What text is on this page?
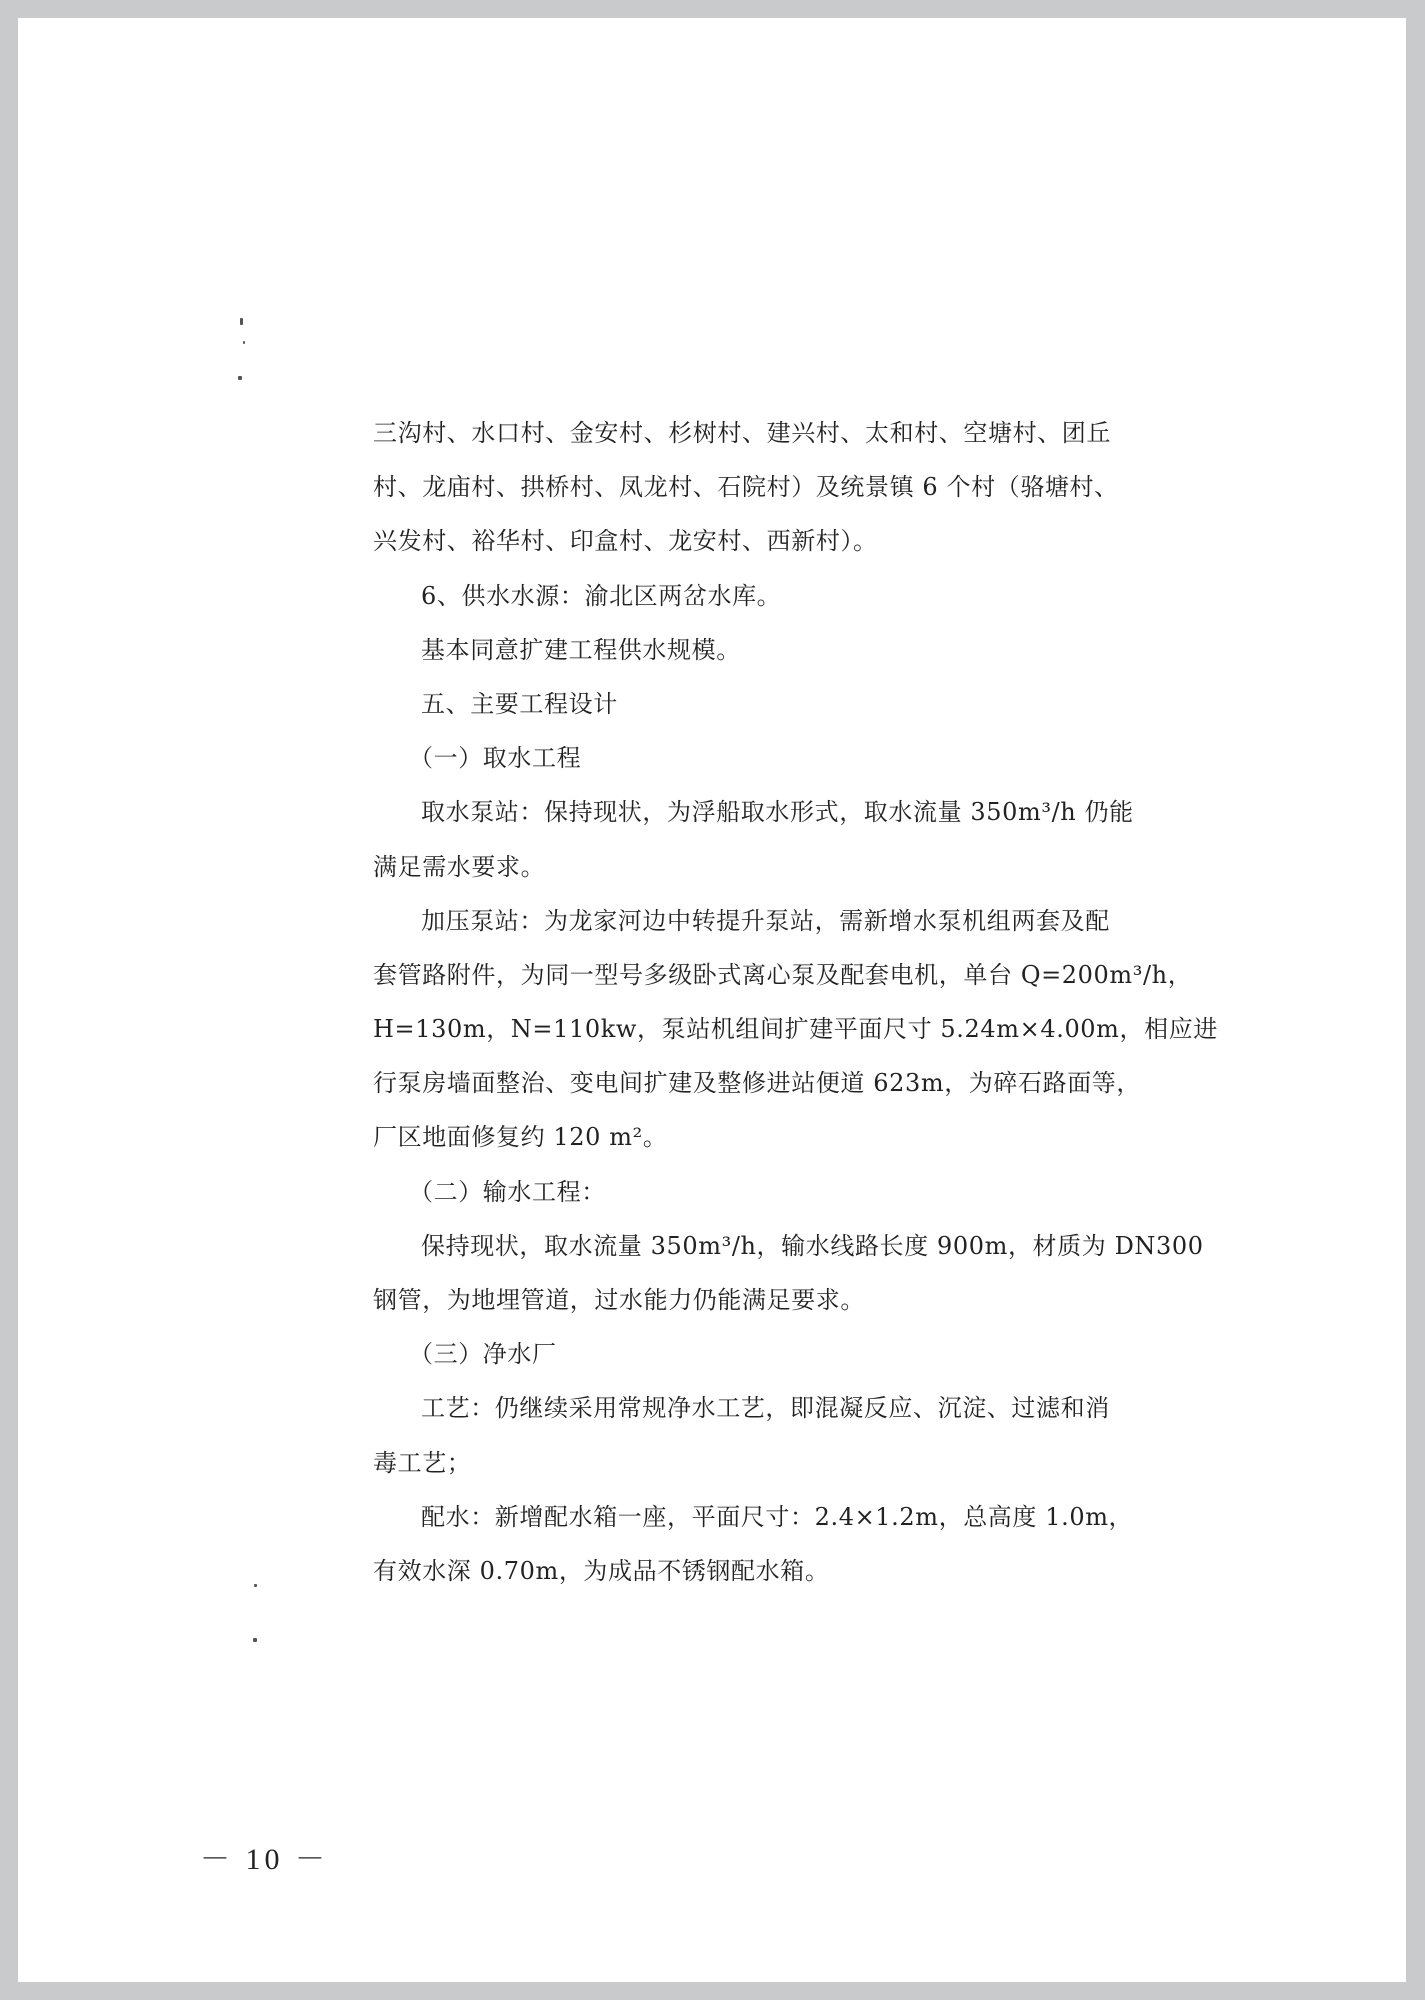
三沟村、水口村、金安村、杉树村、建兴村、太和村、空塘村、团丘
村、龙庙村、拱桥村、凤龙村、石院村）及统景镇 6 个村（骆塘村、
兴发村、裕华村、印盒村、龙安村、西新村）。
6、供水水源：渝北区两岔水库。
基本同意扩建工程供水规模。
五、主要工程设计
（一）取水工程
取水泵站：保持现状，为浮船取水形式，取水流量 350m³/h 仍能
满足需水要求。
加压泵站：为龙家河边中转提升泵站，需新增水泵机组两套及配
套管路附件，为同一型号多级卧式离心泵及配套电机，单台 Q=200m³/h，
H=130m，N=110kw，泵站机组间扩建平面尺寸 5.24m×4.00m，相应进
行泵房墙面整治、变电间扩建及整修进站便道 623m，为碎石路面等，
厂区地面修复约 120 m²。
（二）输水工程：
保持现状，取水流量 350m³/h，输水线路长度 900m，材质为 DN300
钢管，为地埋管道，过水能力仍能满足要求。
（三）净水厂
工艺：仍继续采用常规净水工艺，即混凝反应、沉淀、过滤和消
毒工艺；
配水：新增配水箱一座，平面尺寸：2.4×1.2m，总高度 1.0m，
有效水深 0.70m，为成品不锈钢配水箱。
－ 10 －
